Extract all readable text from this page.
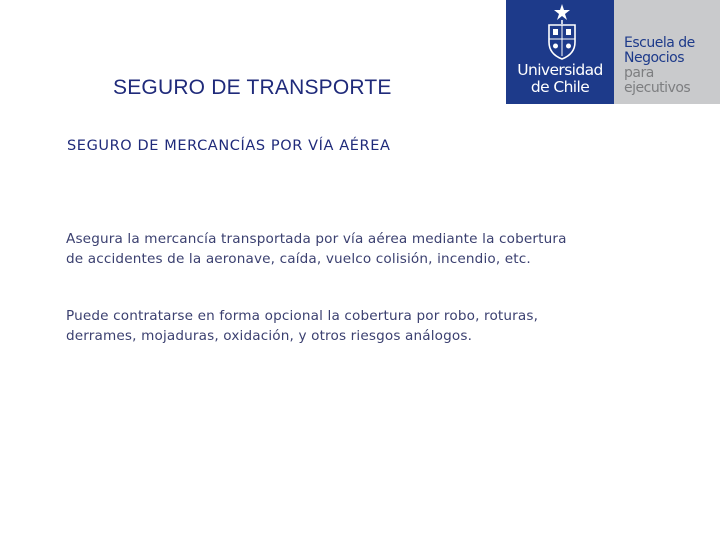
SEGURO DE TRANSPORTE
Universidad
de Chile
Escuela de
Negocios
para
ejecutivos
SEGURO DE MERCANCÍAS POR VÍA AÉREA
Asegura la mercancía transportada por vía aérea mediante la cobertura
de accidentes de la aeronave, caída, vuelco colisión, incendio, etc.
Puede contratarse en forma opcional la cobertura por robo, roturas,
derrames, mojaduras, oxidación, y otros riesgos análogos.
